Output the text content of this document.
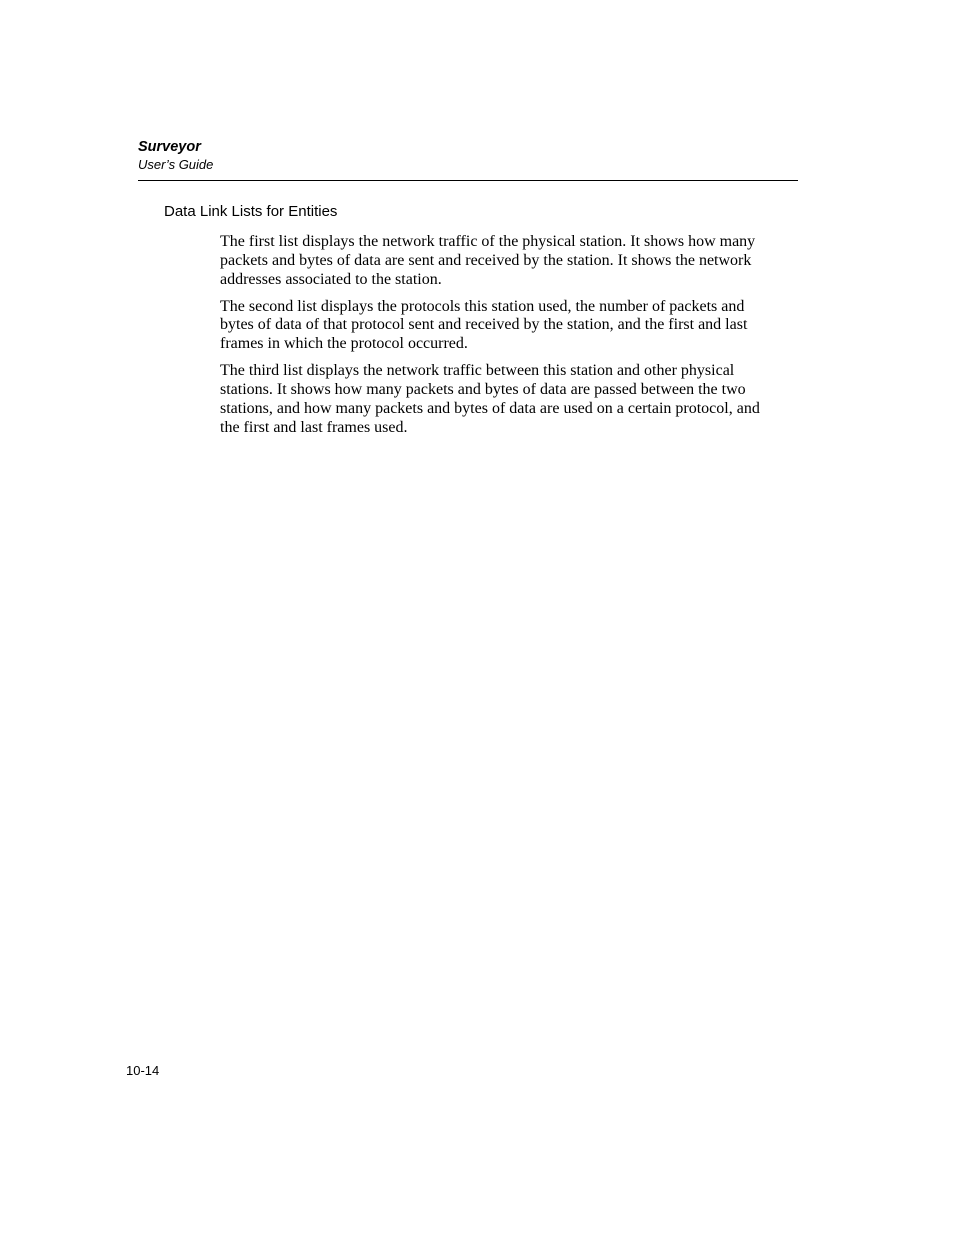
Surveyor
User’s Guide
Data Link Lists for Entities

The first list displays the network traffic of the physical station. It shows how many
packets and bytes of data are sent and received by the station. It shows the network
addresses associated to the station.

The second list displays the protocols this station used, the number of packets and
bytes of data of that protocol sent and received by the station, and the first and last
frames in which the protocol occurred.

The third list displays the network traffic between this station and other physical
stations. It shows how many packets and bytes of data are passed between the two
stations, and how many packets and bytes of data are used on a certain protocol, and
the first and last frames used.

10-14
